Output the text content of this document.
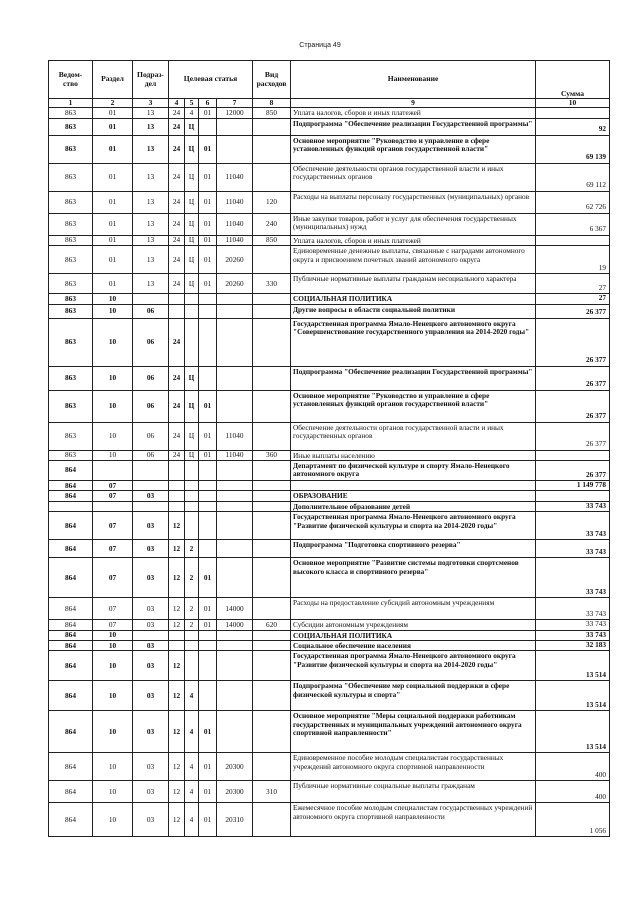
Страница 49
Ведом-
ство	Раздел	Подраз-
дел	Целевая статья				Вид
расходов	Наименование	Сумма
1	2	3	4	5	6	7	8	9	10
863	01	13	24	4	01	12000	850	Уплата налогов, сборов и иных платежей	
863	01	13	24	Ц				Подпрограмма "Обеспечение реализации Государственной программы"	92
863	01	13	24	Ц	01			Основное мероприятие "Руководство и управление в сфере установленных функций органов государственной власти"	69 139
863	01	13	24	Ц	01	11040		Обеспечение деятельности органов государственной власти и иных государственных органов	69 112
863	01	13	24	Ц	01	11040	120	Расходы на выплаты персоналу государственных (муниципальных) органов	62 726
863	01	13	24	Ц	01	11040	240	Иные закупки товаров, работ и услуг для обеспечения государственных (муниципальных) нужд	6 367
863	01	13	24	Ц	01	11040	850	Уплата налогов, сборов и иных платежей	
863	01	13	24	Ц	01	20260		Единовременные денежные выплаты, связанные с наградами автономного округа и присвоением почетных званий автономного округа	19
863	01	13	24	Ц	01	20260	330	Публичные нормативные выплаты гражданам несоциального характера	27
863	10							СОЦИАЛЬНАЯ ПОЛИТИКА	27
863	10	06						Другие вопросы в области социальной политики	26 377
863	10	06	24					Государственная программа Ямало-Ненецкого автономного округа "Совершенствование государственного управления на 2014-2020 годы"	26 377
863	10	06	24	Ц				Подпрограмма "Обеспечение реализации Государственной программы"	26 377
863	10	06	24	Ц	01			Основное мероприятие "Руководство и управление в сфере установленных функций органов государственной власти"	26 377
863	10	06	24	Ц	01	11040		Обеспечение деятельности органов государственной власти и иных государственных органов	26 377
863	10	06	24	Ц	01	11040	360	Иные выплаты населению	
864								Департамент по физической культуре и спорту Ямало-Ненецкого автономного округа	26 377
864	07								1 149 778
864	07	03						ОБРАЗОВАНИЕ	
								Дополнительное образование детей	33 743
864	07	03	12					Государственная программа Ямало-Ненецкого автономного округа "Развитие физической культуры и спорта на 2014-2020 годы"	33 743
864	07	03	12	2				Подпрограмма "Подготовка спортивного резерва"	33 743
864	07	03	12	2	01			Основное мероприятие "Развитие системы подготовки спортсменов высокого класса и спортивного резерва"	33 743
864	07	03	12	2	01	14000		Расходы на предоставление субсидий автономным учреждениям	33 743
864	07	03	12	2	01	14000	620	Субсидии автономным учреждениям	33 743
864	10							СОЦИАЛЬНАЯ ПОЛИТИКА	33 743
864	10	03						Социальное обеспечение населения	32 183
864	10	03	12					Государственная программа Ямало-Ненецкого автономного округа "Развитие физической культуры и спорта на 2014-2020 годы"	13 514
864	10	03	12	4				Подпрограмма "Обеспечение мер социальной поддержки в сфере физической культуры и спорта"	13 514
864	10	03	12	4	01			Основное мероприятие "Меры социальной поддержки работникам государственных и муниципальных учреждений автономного округа спортивной направленности"	13 514
864	10	03	12	4	01	20300		Единовременное пособие молодым специалистам государственных учреждений автономного округа спортивной направленности	400
864	10	03	12	4	01	20300	310	Публичные нормативные социальные выплаты гражданам	400
864	10	03	12	4	01	20310		Ежемесячное пособие молодым специалистам государственных учреждений автономного округа спортивной направленности	1 056
